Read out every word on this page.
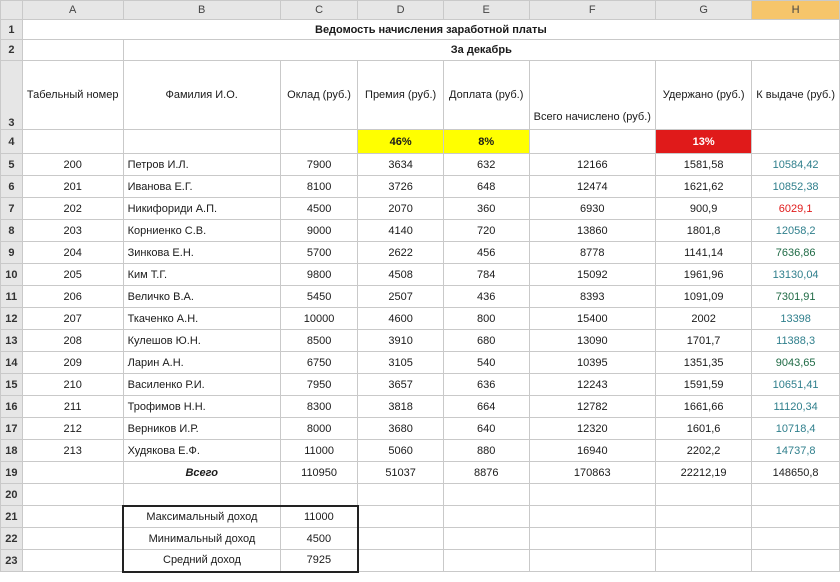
	A	B	C	D	E	F	G	H
1	Ведомость начисления заработной платы							
2		За декабрь						
3	Табельный номер	Фамилия И.О.	Оклад (руб.)	Премия (руб.)	Доплата (руб.)	Всего начислено (руб.)	Удержано (руб.)	К выдаче (руб.)
4				46%	8%		13%	
5	200	Петров И.Л.	7900	3634	632	12166	1581,58	10584,42
6	201	Иванова Е.Г.	8100	3726	648	12474	1621,62	10852,38
7	202	Никифориди А.П.	4500	2070	360	6930	900,9	6029,1
8	203	Корниенко С.В.	9000	4140	720	13860	1801,8	12058,2
9	204	Зинкова Е.Н.	5700	2622	456	8778	1141,14	7636,86
10	205	Ким Т.Г.	9800	4508	784	15092	1961,96	13130,04
11	206	Величко В.А.	5450	2507	436	8393	1091,09	7301,91
12	207	Ткаченко А.Н.	10000	4600	800	15400	2002	13398
13	208	Кулешов Ю.Н.	8500	3910	680	13090	1701,7	11388,3
14	209	Ларин А.Н.	6750	3105	540	10395	1351,35	9043,65
15	210	Василенко Р.И.	7950	3657	636	12243	1591,59	10651,41
16	211	Трофимов Н.Н.	8300	3818	664	12782	1661,66	11120,34
17	212	Верников И.Р.	8000	3680	640	12320	1601,6	10718,4
18	213	Худякова Е.Ф.	11000	5060	880	16940	2202,2	14737,8
19		Всего	110950	51037	8876	170863	22212,19	148650,8
20								
21		Максимальный доход	11000					
22		Минимальный доход	4500					
23		Средний доход	7925					
